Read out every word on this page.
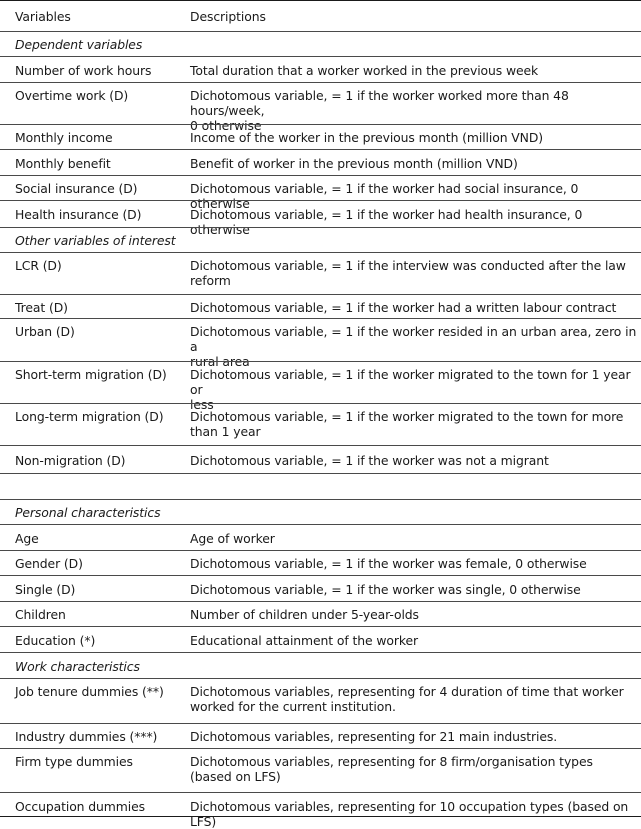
Variables	Descriptions
Dependent variables
Number of work hours	Total duration that a worker worked in the previous week
Overtime work (D)	Dichotomous variable, = 1 if the worker worked more than 48 hours/week,
0 otherwise
Monthly income	Income of the worker in the previous month (million VND)
Monthly benefit	Benefit of worker in the previous month (million VND)
Social insurance (D)	Dichotomous variable, = 1 if the worker had social insurance, 0 otherwise
Health insurance (D)	Dichotomous variable, = 1 if the worker had health insurance, 0 otherwise
Other variables of interest
LCR (D)	Dichotomous variable, = 1 if the interview was conducted after the law
reform
Treat (D)	Dichotomous variable, = 1 if the worker had a written labour contract
Urban (D)	Dichotomous variable, = 1 if the worker resided in an urban area, zero in a
rural area
Short-term migration (D)	Dichotomous variable, = 1 if the worker migrated to the town for 1 year or
less
Long-term migration (D)	Dichotomous variable, = 1 if the worker migrated to the town for more
than 1 year
Non-migration (D)	Dichotomous variable, = 1 if the worker was not a migrant
Personal characteristics
Age	Age of worker
Gender (D)	Dichotomous variable, = 1 if the worker was female, 0 otherwise
Single (D)	Dichotomous variable, = 1 if the worker was single, 0 otherwise
Children	Number of children under 5-year-olds
Education (*)	Educational attainment of the worker
Work characteristics
Job tenure dummies (**)	Dichotomous variables, representing for 4 duration of time that worker
worked for the current institution.
Industry dummies (***)	Dichotomous variables, representing for 21 main industries.
Firm type dummies	Dichotomous variables, representing for 8 firm/organisation types
(based on LFS)
Occupation dummies	Dichotomous variables, representing for 10 occupation types (based on LFS)
